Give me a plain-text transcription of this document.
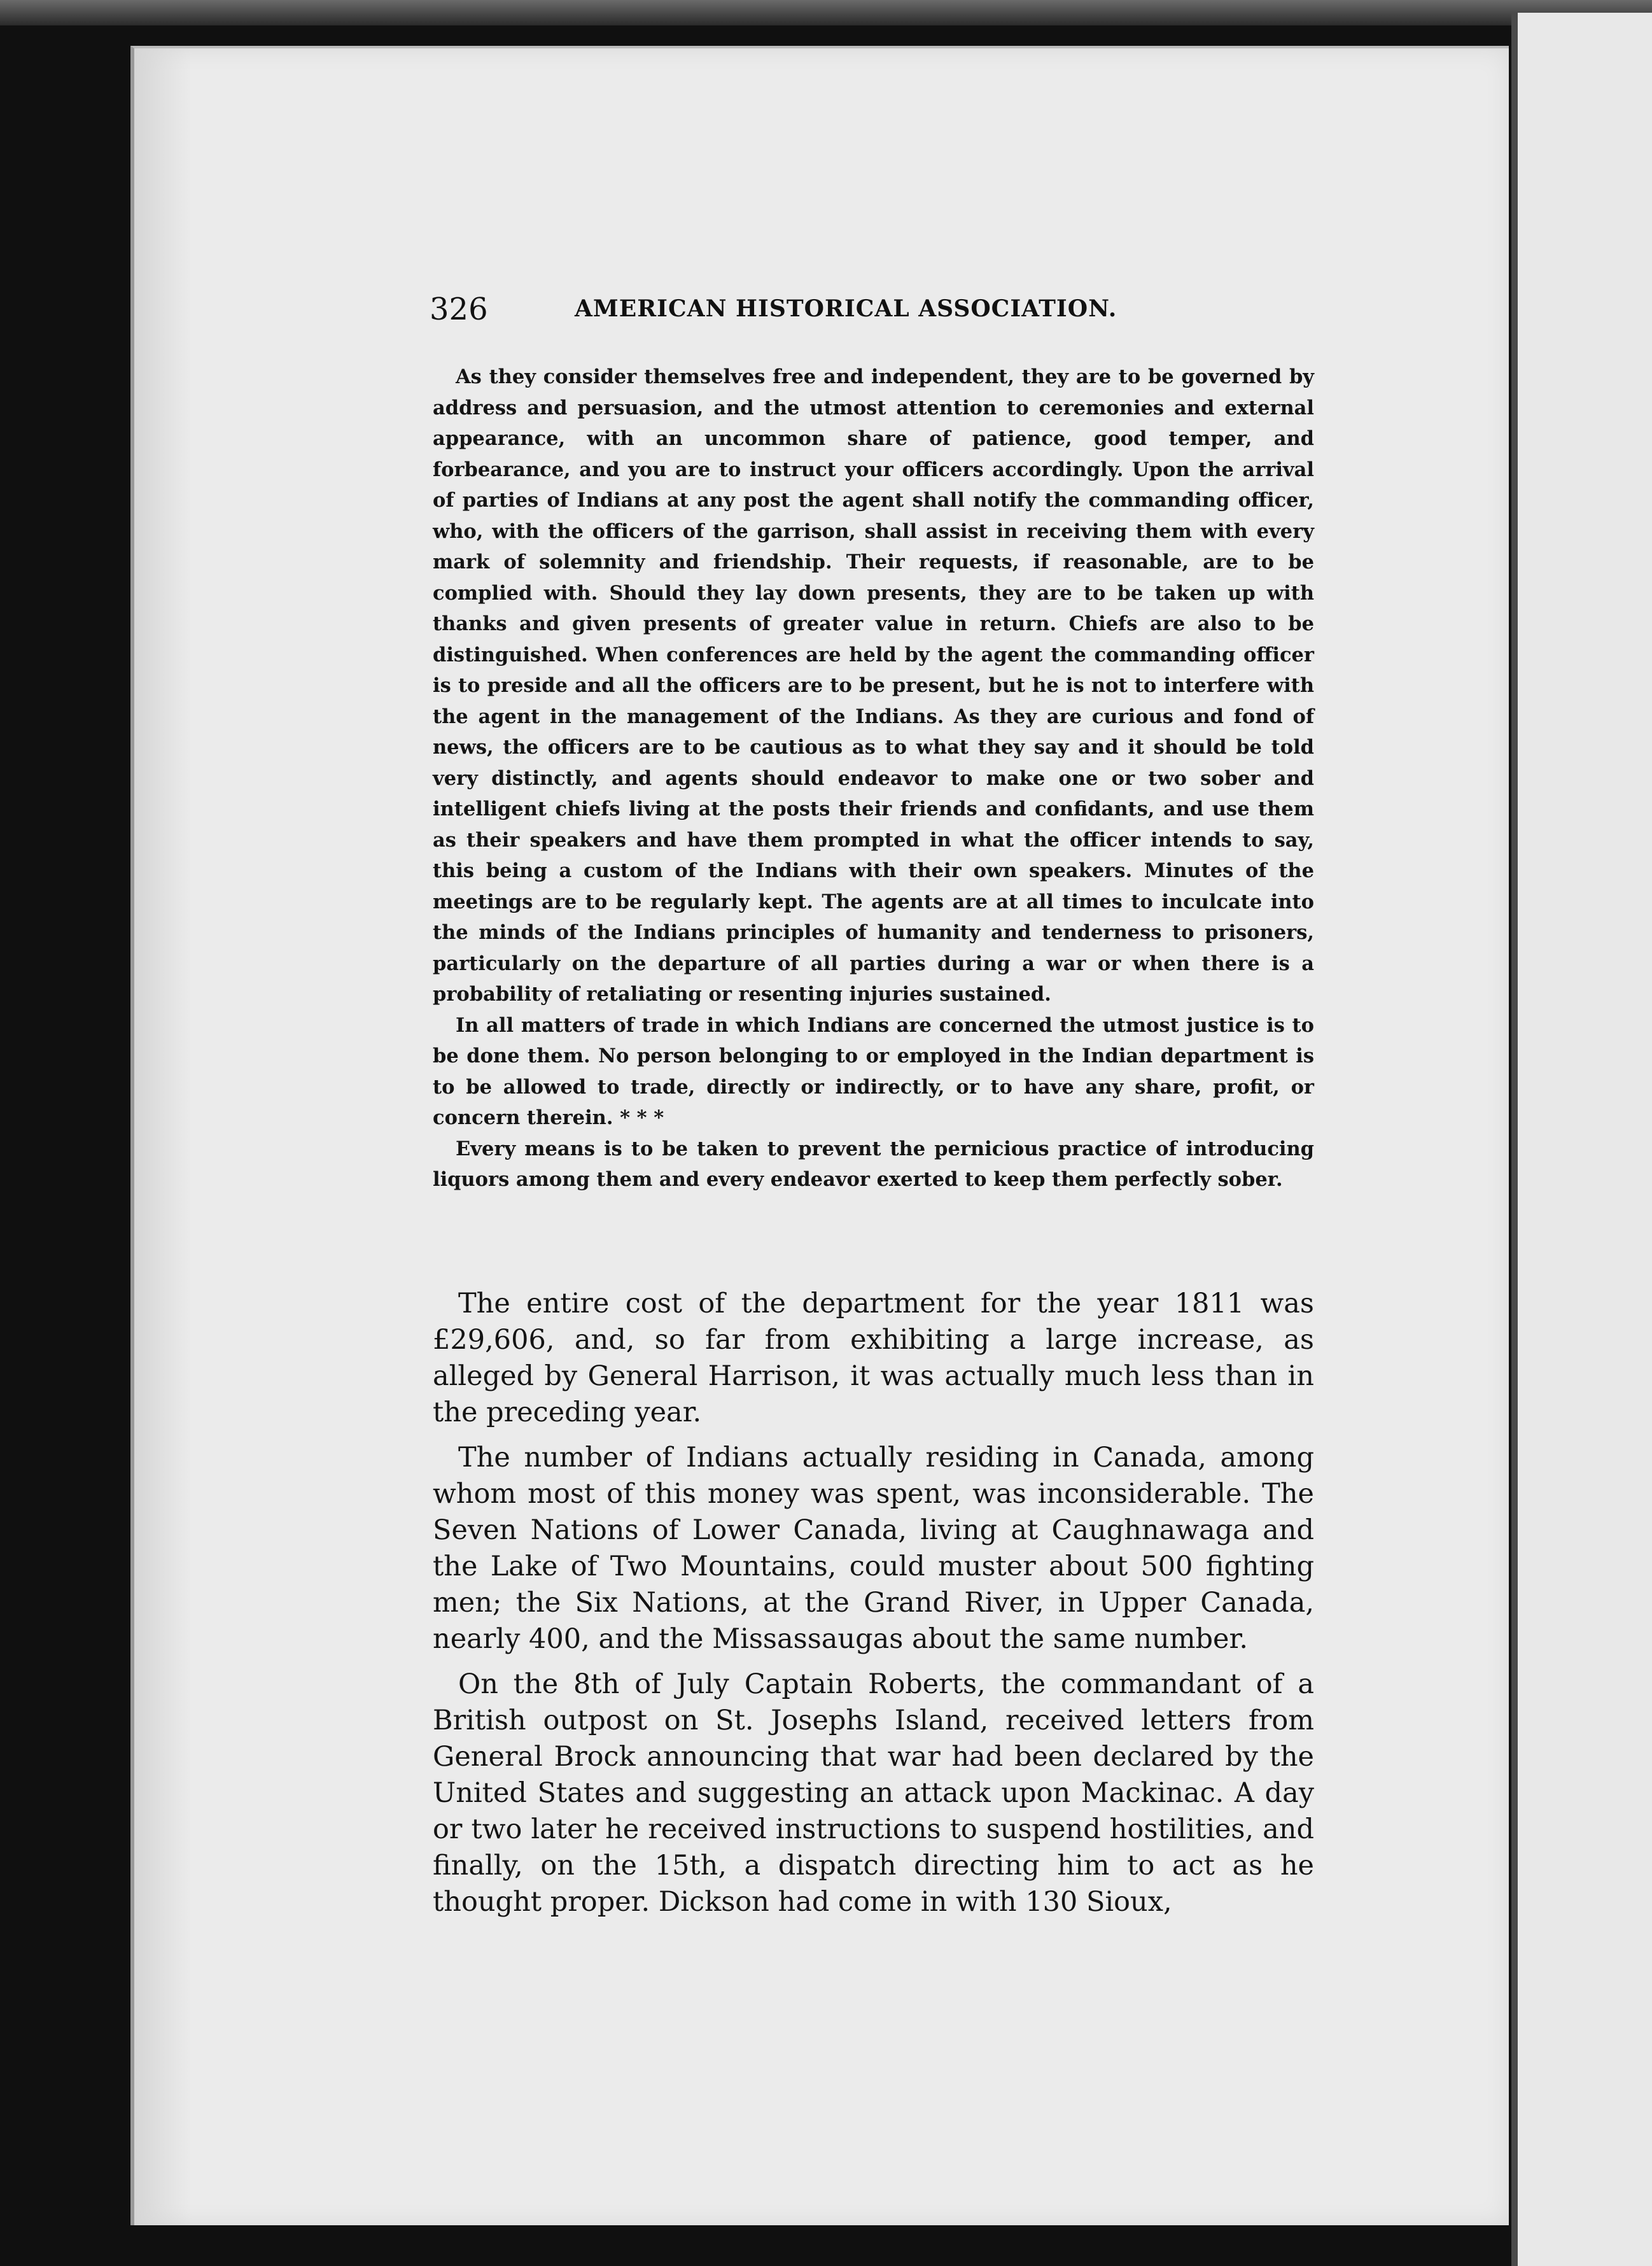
326	AMERICAN HISTORICAL ASSOCIATION.

As they consider themselves free and independent, they are to be governed by address and persuasion, and the utmost attention to ceremonies and external appearance, with an uncommon share of patience, good temper, and forbearance, and you are to instruct your officers accordingly. Upon the arrival of parties of Indians at any post the agent shall notify the commanding officer, who, with the officers of the garrison, shall assist in receiving them with every mark of solemnity and friendship. Their requests, if reasonable, are to be complied with. Should they lay down presents, they are to be taken up with thanks and given presents of greater value in return. Chiefs are also to be distinguished. When conferences are held by the agent the commanding officer is to preside and all the officers are to be present, but he is not to interfere with the agent in the management of the Indians. As they are curious and fond of news, the officers are to be cautious as to what they say and it should be told very distinctly, and agents should endeavor to make one or two sober and intelligent chiefs living at the posts their friends and confidants, and use them as their speakers and have them prompted in what the officer intends to say, this being a custom of the Indians with their own speakers. Minutes of the meetings are to be regularly kept. The agents are at all times to inculcate into the minds of the Indians principles of humanity and tenderness to prisoners, particularly on the departure of all parties during a war or when there is a probability of retaliating or resenting injuries sustained.

In all matters of trade in which Indians are concerned the utmost justice is to be done them. No person belonging to or employed in the Indian department is to be allowed to trade, directly or indirectly, or to have any share, profit, or concern therein. * * *

Every means is to be taken to prevent the pernicious practice of introducing liquors among them and every endeavor exerted to keep them perfectly sober.

The entire cost of the department for the year 1811 was £29,606, and, so far from exhibiting a large increase, as alleged by General Harrison, it was actually much less than in the preceding year.

The number of Indians actually residing in Canada, among whom most of this money was spent, was inconsiderable. The Seven Nations of Lower Canada, living at Caughnawaga and the Lake of Two Mountains, could muster about 500 fighting men; the Six Nations, at the Grand River, in Upper Canada, nearly 400, and the Missassaugas about the same number.

On the 8th of July Captain Roberts, the commandant of a British outpost on St. Josephs Island, received letters from General Brock announcing that war had been declared by the United States and suggesting an attack upon Mackinac. A day or two later he received instructions to suspend hostilities, and finally, on the 15th, a dispatch directing him to act as he thought proper. Dickson had come in with 130 Sioux,
